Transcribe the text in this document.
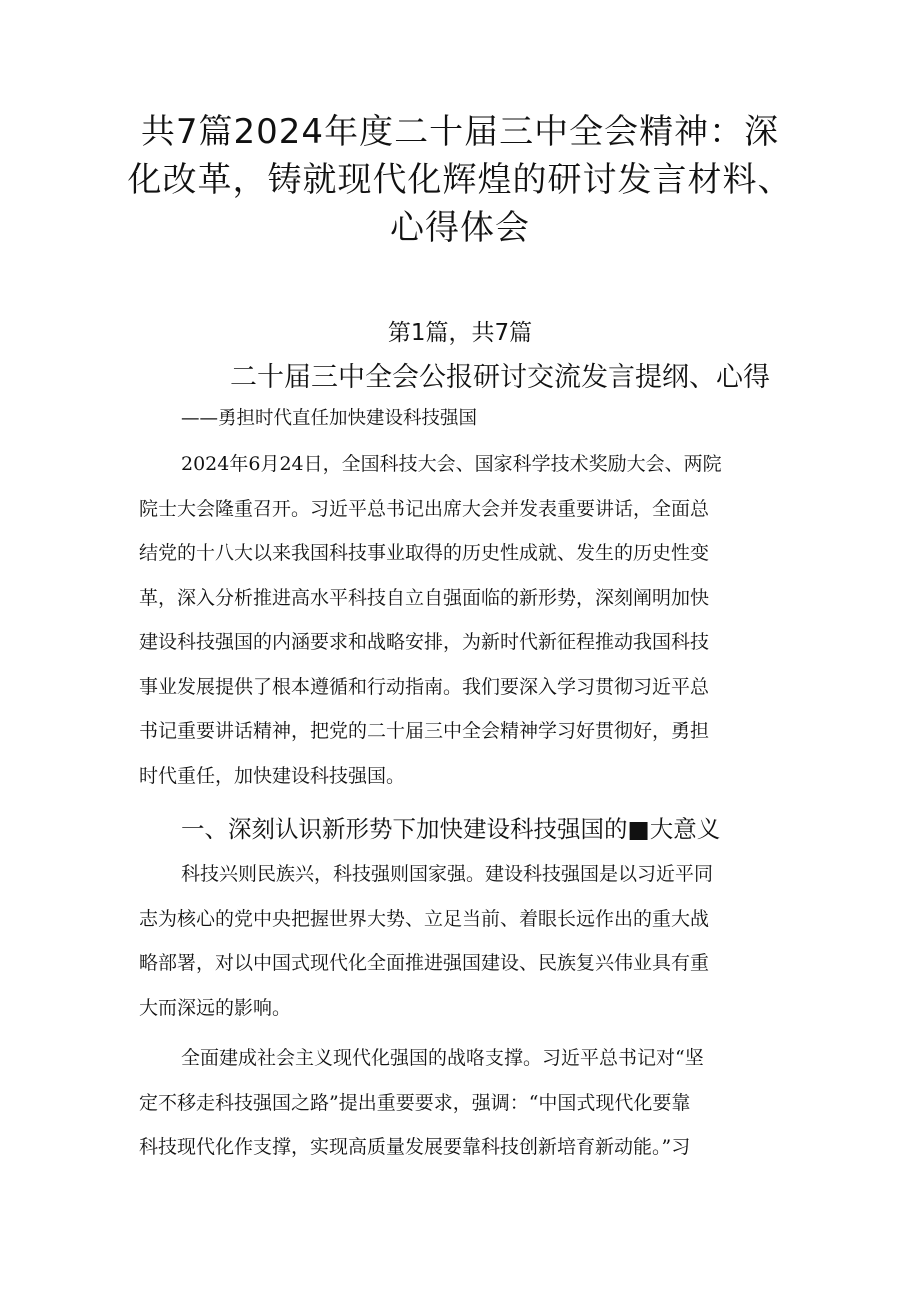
共7篇2024年度二十届三中全会精神：深
化改革，铸就现代化辉煌的研讨发言材料、
心得体会
第1篇，共7篇
二十届三中全会公报研讨交流发言提纲、心得
——勇担时代直任加快建设科技强国
2024年6月24日，全国科技大会、国家科学技术奖励大会、两院
院士大会隆重召开。习近平总书记出席大会并发表重要讲话，全面总
结党的十八大以来我国科技事业取得的历史性成就、发生的历史性变
革，深入分析推进高水平科技自立自强面临的新形势，深刻阐明加快
建设科技强国的内涵要求和战略安排，为新时代新征程推动我国科技
事业发展提供了根本遵循和行动指南。我们要深入学习贯彻习近平总
书记重要讲话精神，把党的二十届三中全会精神学习好贯彻好，勇担
时代重任，加快建设科技强国。
一、深刻认识新形势下加快建设科技强国的■大意义
科技兴则民族兴，科技强则国家强。建设科技强国是以习近平同
志为核心的党中央把握世界大势、立足当前、着眼长远作出的重大战
略部署，对以中国式现代化全面推进强国建设、民族复兴伟业具有重
大而深远的影响。
全面建成社会主义现代化强国的战咯支撑。习近平总书记对“坚
定不移走科技强国之路”提出重要要求，强调：“中国式现代化要靠
科技现代化作支撑，实现高质量发展要靠科技创新培育新动能。”习
